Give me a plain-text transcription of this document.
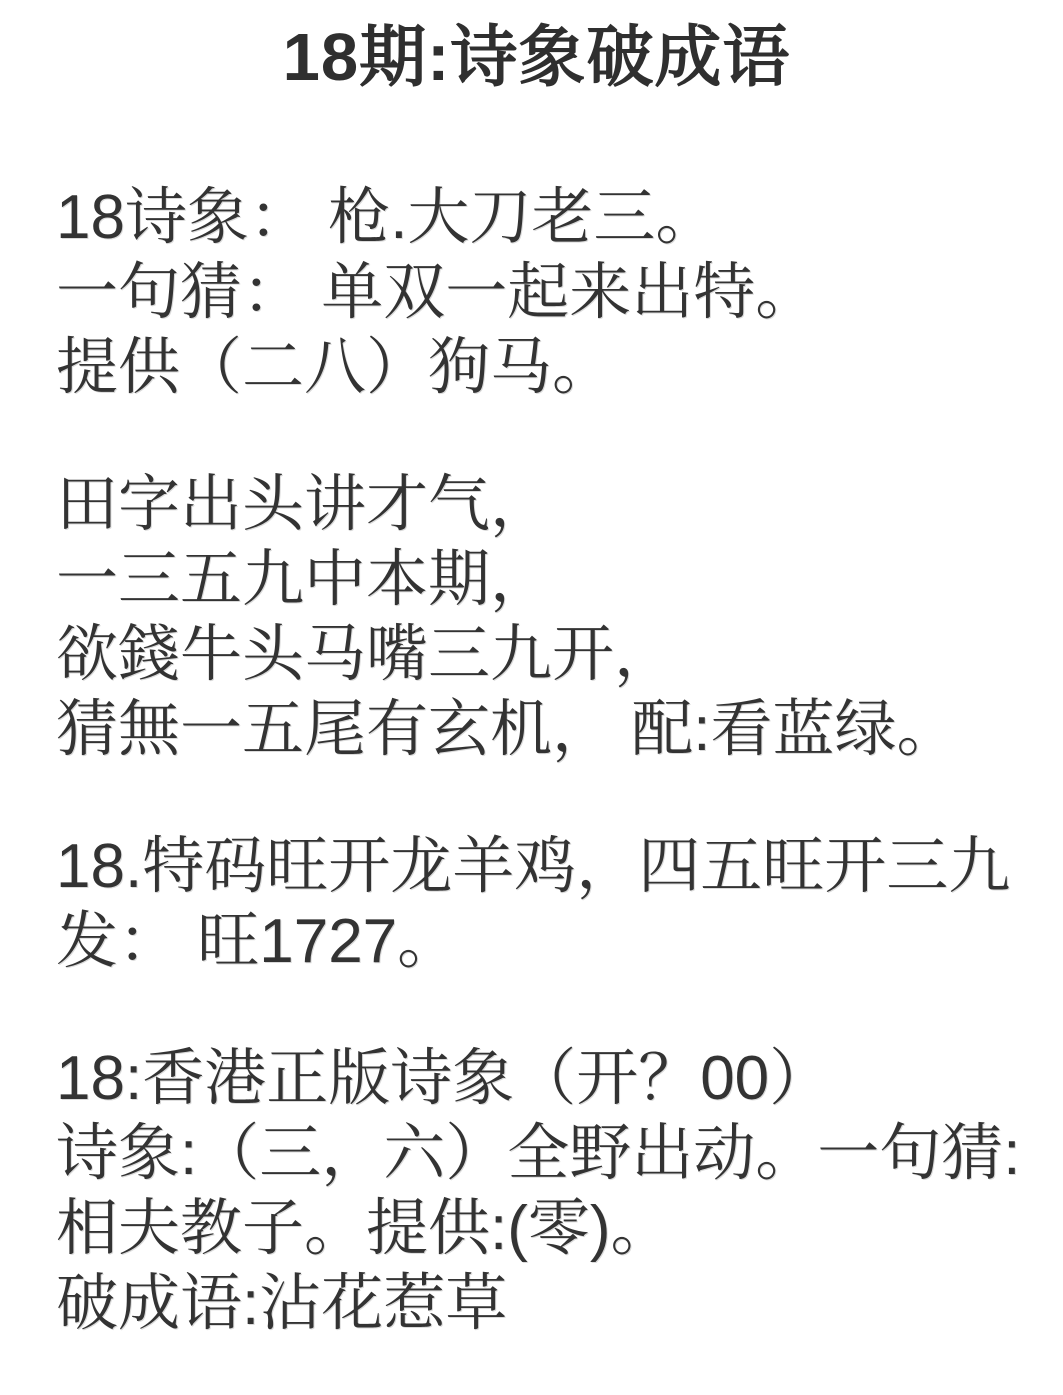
18期:诗象破成语
18诗象： 枪.大刀老三。
一句猜： 单双一起来出特。
提供（二八）狗马。
田字出头讲才气，
一三五九中本期，
欲錢牛头马嘴三九开，
猜無一五尾有玄机， 配:看蓝绿。
18.特码旺开龙羊鸡，四五旺开三九
发： 旺1727。
18:香港正版诗象（开？00）
诗象:（三，六）全野出动。一句猜:
相夫教子。提供:(零)。
破成语:沾花惹草
